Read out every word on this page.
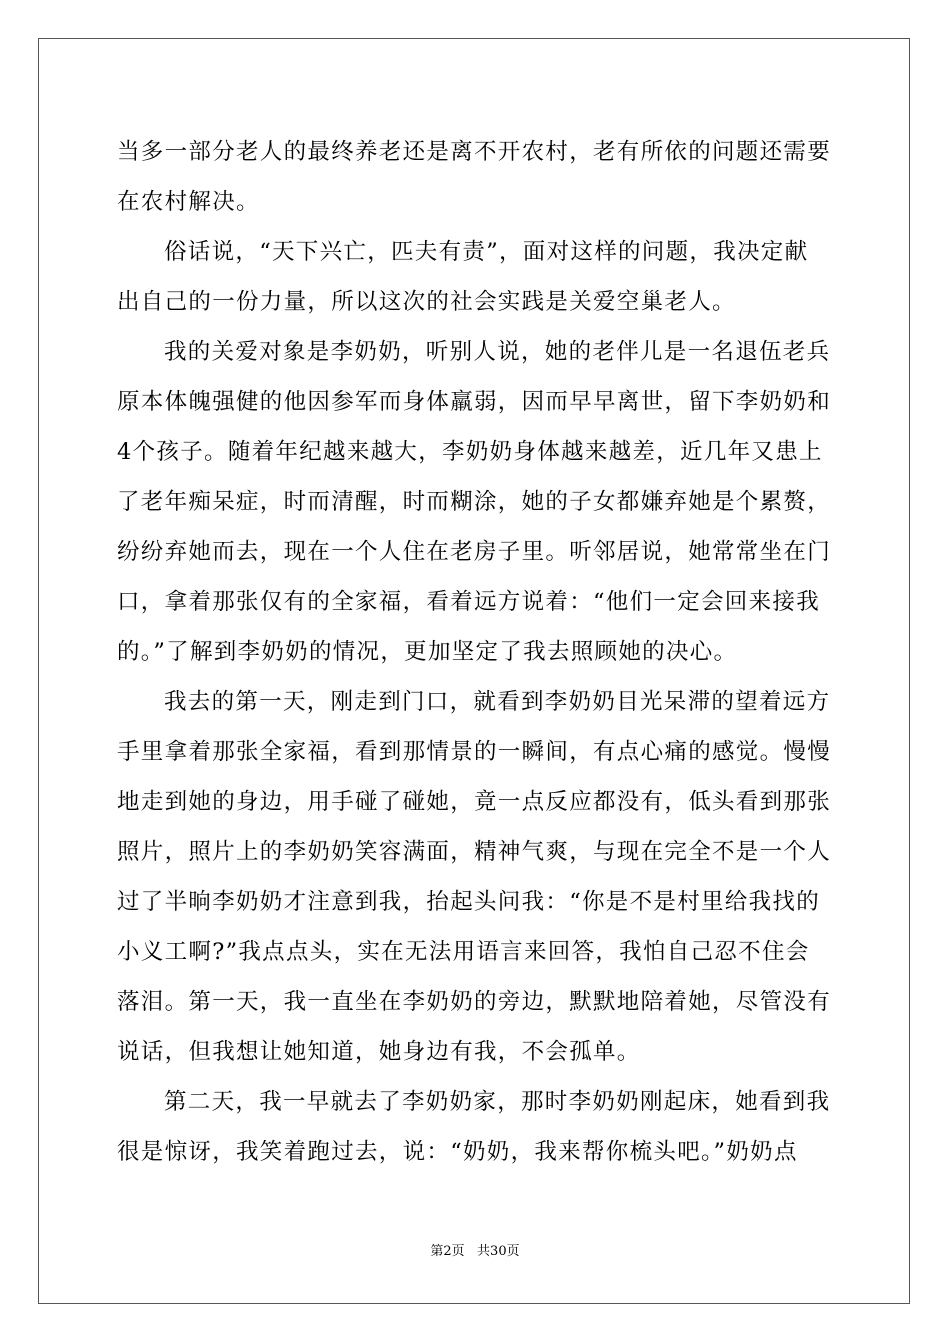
当多一部分老人的最终养老还是离不开农村，老有所依的问题还需要

在农村解决。

俗话说，“天下兴亡，匹夫有责”，面对这样的问题，我决定献

出自己的一份力量，所以这次的社会实践是关爱空巢老人。

我的关爱对象是李奶奶，听别人说，她的老伴儿是一名退伍老兵

原本体魄强健的他因参军而身体羸弱，因而早早离世，留下李奶奶和

4个孩子。随着年纪越来越大，李奶奶身体越来越差，近几年又患上

了老年痴呆症，时而清醒，时而糊涂，她的子女都嫌弃她是个累赘，

纷纷弃她而去，现在一个人住在老房子里。听邻居说，她常常坐在门

口，拿着那张仅有的全家福，看着远方说着：“他们一定会回来接我

的。”了解到李奶奶的情况，更加坚定了我去照顾她的决心。

我去的第一天，刚走到门口，就看到李奶奶目光呆滞的望着远方

手里拿着那张全家福，看到那情景的一瞬间，有点心痛的感觉。慢慢

地走到她的身边，用手碰了碰她，竟一点反应都没有，低头看到那张

照片，照片上的李奶奶笑容满面，精神气爽，与现在完全不是一个人

过了半晌李奶奶才注意到我，抬起头问我：“你是不是村里给我找的

小义工啊?”我点点头，实在无法用语言来回答，我怕自己忍不住会

落泪。第一天，我一直坐在李奶奶的旁边，默默地陪着她，尽管没有

说话，但我想让她知道，她身边有我，不会孤单。

第二天，我一早就去了李奶奶家，那时李奶奶刚起床，她看到我

很是惊讶，我笑着跑过去，说：“奶奶，我来帮你梳头吧。”奶奶点

第2页   共30页
